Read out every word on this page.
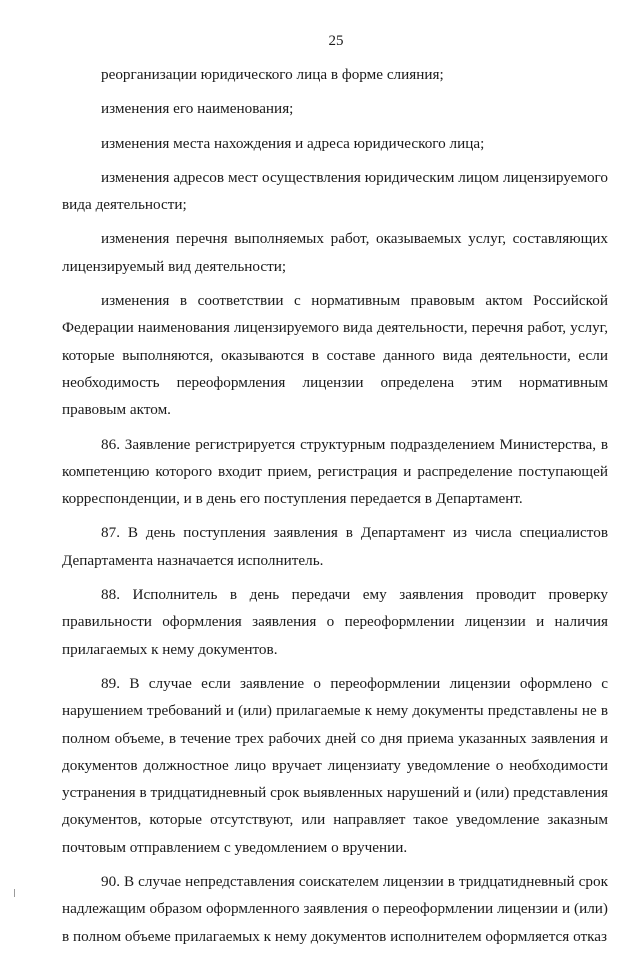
25

реорганизации юридического лица в форме слияния;

изменения его наименования;

изменения места нахождения и адреса юридического лица;

изменения адресов мест осуществления юридическим лицом лицензируемого вида деятельности;

изменения перечня выполняемых работ, оказываемых услуг, составляющих лицензируемый вид деятельности;

изменения в соответствии с нормативным правовым актом Российской Федерации наименования лицензируемого вида деятельности, перечня работ, услуг, которые выполняются, оказываются в составе данного вида деятельности, если необходимость переоформления лицензии определена этим нормативным правовым актом.

86. Заявление регистрируется структурным подразделением Министерства, в компетенцию которого входит прием, регистрация и распределение поступающей корреспонденции, и в день его поступления передается в Департамент.

87. В день поступления заявления в Департамент из числа специалистов Департамента назначается исполнитель.

88. Исполнитель в день передачи ему заявления проводит проверку правильности оформления заявления о переоформлении лицензии и наличия прилагаемых к нему документов.

89. В случае если заявление о переоформлении лицензии оформлено с нарушением требований и (или) прилагаемые к нему документы представлены не в полном объеме, в течение трех рабочих дней со дня приема указанных заявления и документов должностное лицо вручает лицензиату уведомление о необходимости устранения в тридцатидневный срок выявленных нарушений и (или) представления документов, которые отсутствуют, или направляет такое уведомление заказным почтовым отправлением с уведомлением о вручении.

90. В случае непредставления соискателем лицензии в тридцатидневный срок надлежащим образом оформленного заявления о переоформлении лицензии и (или) в полном объеме прилагаемых к нему документов исполнителем оформляется отказ
